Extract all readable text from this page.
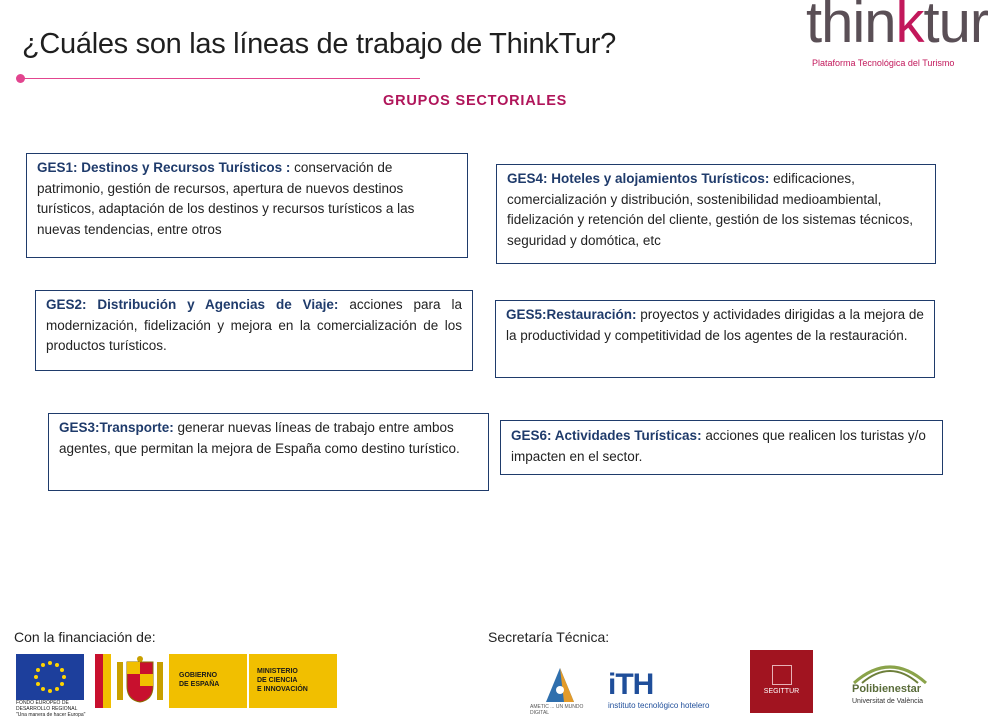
¿Cuáles son las líneas de trabajo de ThinkTur?	thinktur
Plataforma Tecnológica del Turismo
GRUPOS SECTORIALES
GES1: Destinos y Recursos Turísticos : conservación de patrimonio, gestión de recursos, apertura de nuevos destinos turísticos, adaptación de los destinos y recursos turísticos a las nuevas tendencias, entre otros
GES2: Distribución y Agencias de Viaje: acciones para la modernización, fidelización y mejora en la comercialización de los productos turísticos.
GES3:Transporte: generar nuevas líneas de trabajo entre ambos agentes, que permitan la mejora de España como destino turístico.
GES4: Hoteles y alojamientos Turísticos: edificaciones, comercialización y distribución, sostenibilidad medioambiental, fidelización y retención del cliente, gestión de los sistemas técnicos, seguridad y domótica, etc
GES5:Restauración: proyectos y actividades dirigidas a la mejora de la productividad y competitividad de los agentes de la restauración.
GES6: Actividades Turísticas: acciones que realicen los turistas y/o impacten en el sector.
Con la financiación de:	Secretaría Técnica:
FONDO EUROPEO DE DESARROLLO REGIONAL
"Una manera de hacer Europa"
GOBIERNO
DE ESPAÑA
MINISTERIO
DE CIENCIA
E INNOVACIÓN
AMETIC ... UN MUNDO DIGITAL
iTH
instituto tecnológico hotelero
SEGITTUR	Polibienestar
Universitat de València
